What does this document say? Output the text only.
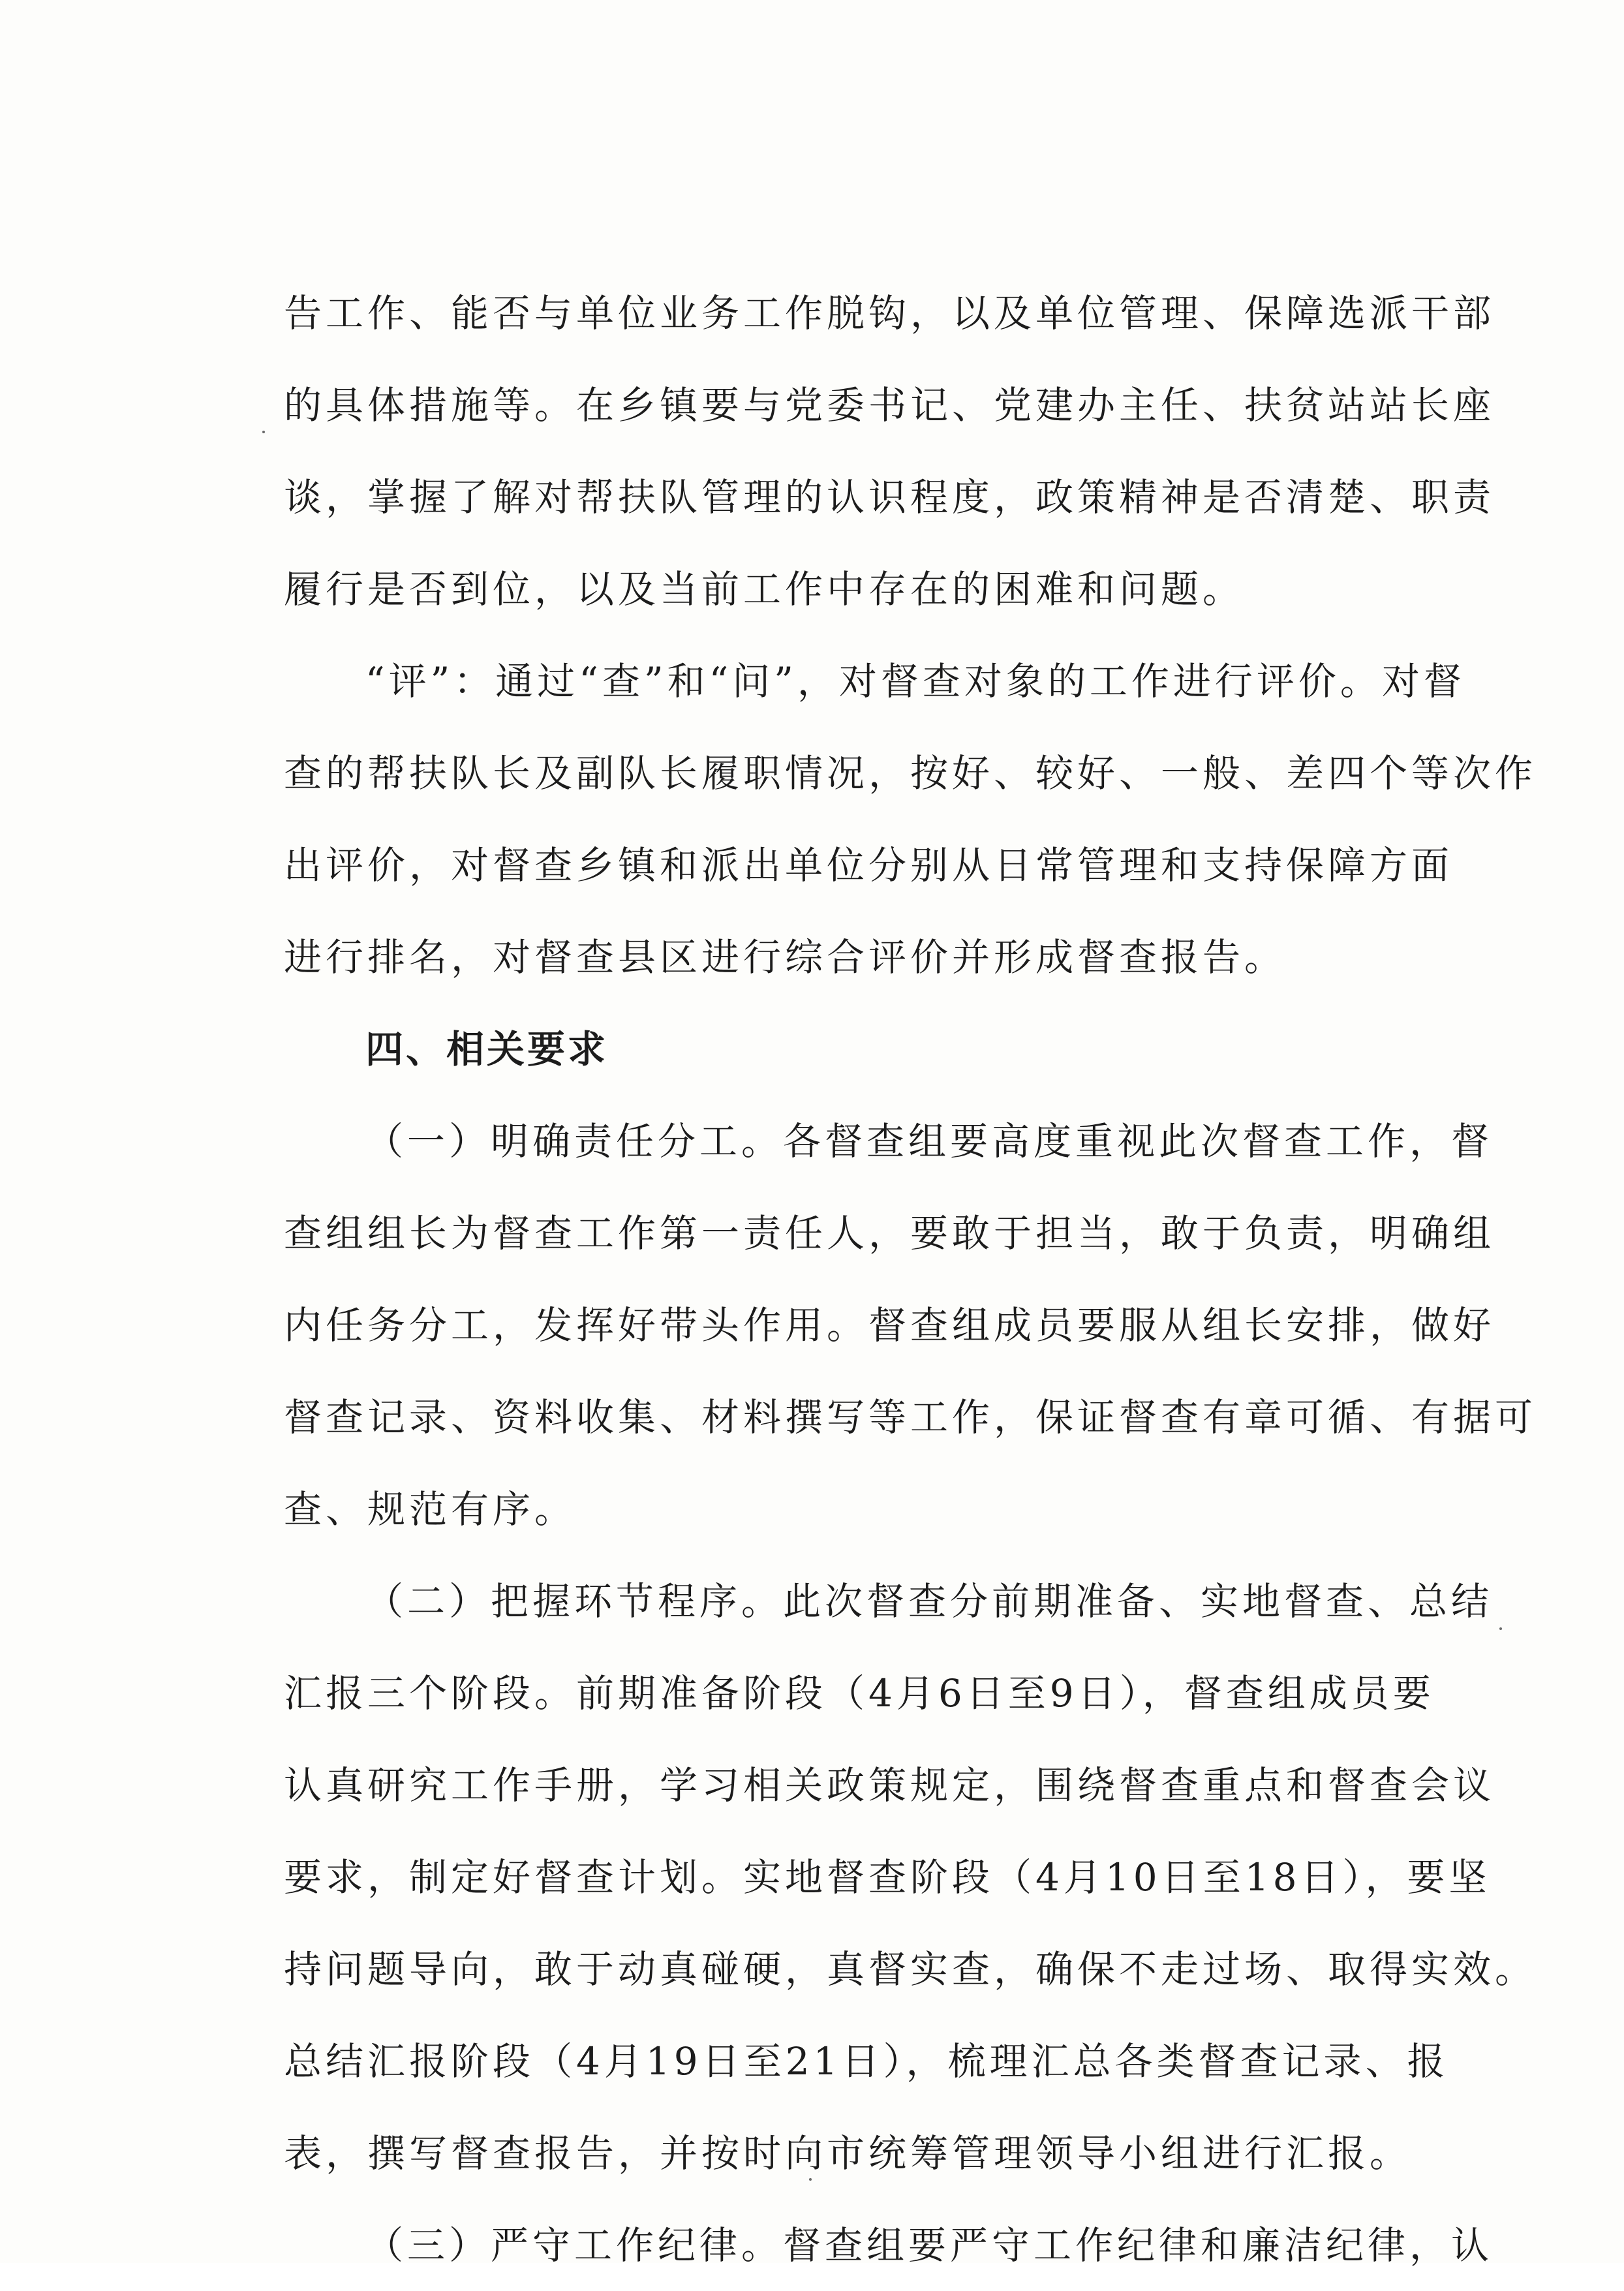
告工作、能否与单位业务工作脱钩，以及单位管理、保障选派干部
的具体措施等。在乡镇要与党委书记、党建办主任、扶贫站站长座
谈，掌握了解对帮扶队管理的认识程度，政策精神是否清楚、职责
履行是否到位，以及当前工作中存在的困难和问题。
“评”：通过“查”和“问”，对督查对象的工作进行评价。对督
查的帮扶队长及副队长履职情况，按好、较好、一般、差四个等次作
出评价，对督查乡镇和派出单位分别从日常管理和支持保障方面
进行排名，对督查县区进行综合评价并形成督查报告。
四、相关要求
（一）明确责任分工。各督查组要高度重视此次督查工作，督
查组组长为督查工作第一责任人，要敢于担当，敢于负责，明确组
内任务分工，发挥好带头作用。督查组成员要服从组长安排，做好
督查记录、资料收集、材料撰写等工作，保证督查有章可循、有据可
查、规范有序。
（二）把握环节程序。此次督查分前期准备、实地督查、总结
汇报三个阶段。前期准备阶段（4月6日至9日），督查组成员要
认真研究工作手册，学习相关政策规定，围绕督查重点和督查会议
要求，制定好督查计划。实地督查阶段（4月10日至18日），要坚
持问题导向，敢于动真碰硬，真督实查，确保不走过场、取得实效。
总结汇报阶段（4月19日至21日），梳理汇总各类督查记录、报
表，撰写督查报告，并按时向市统筹管理领导小组进行汇报。
（三）严守工作纪律。督查组要严守工作纪律和廉洁纪律，认
